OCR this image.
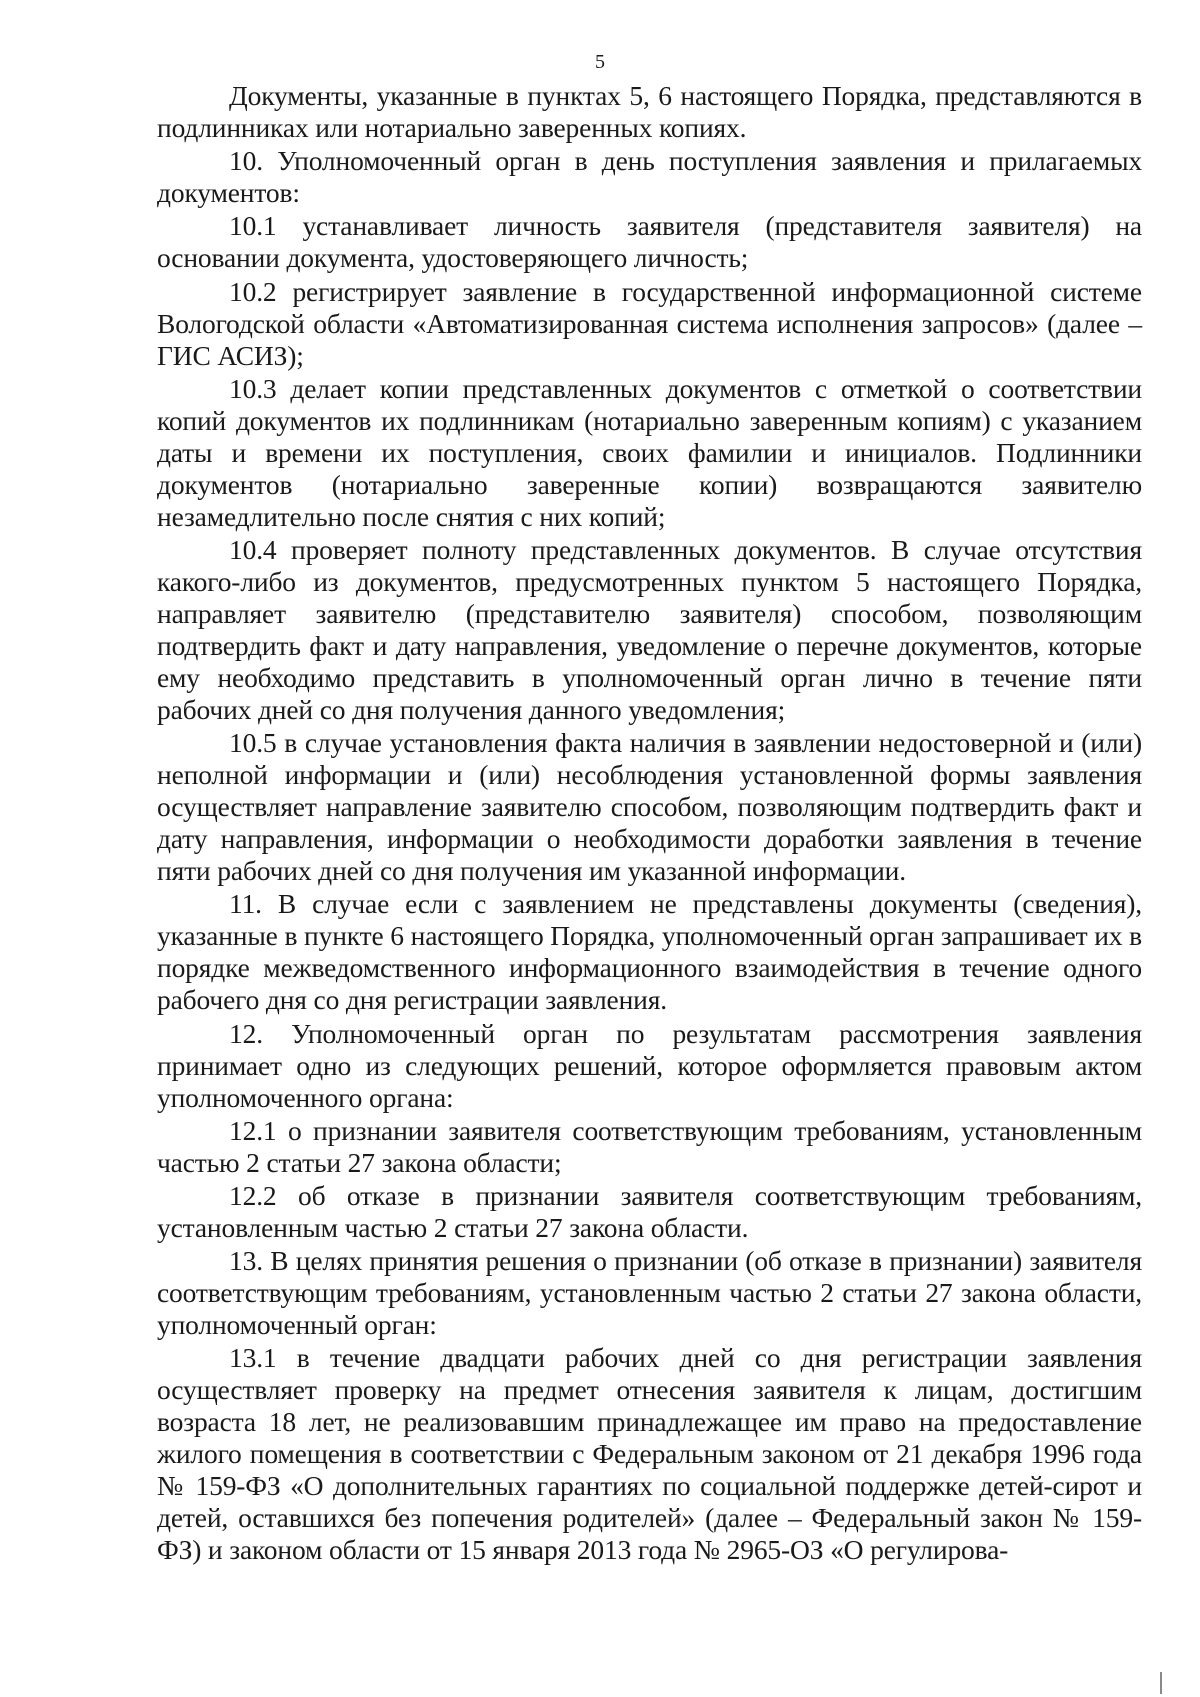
5

Документы, указанные в пунктах 5, 6 настоящего Порядка, представляются в подлинниках или нотариально заверенных копиях.

10. Уполномоченный орган в день поступления заявления и прилагаемых документов:

10.1 устанавливает личность заявителя (представителя заявителя) на основании документа, удостоверяющего личность;

10.2 регистрирует заявление в государственной информационной системе Вологодской области «Автоматизированная система исполнения запросов» (далее – ГИС АСИЗ);

10.3 делает копии представленных документов с отметкой о соответствии копий документов их подлинникам (нотариально заверенным копиям) с указанием даты и времени их поступления, своих фамилии и инициалов. Подлинники документов (нотариально заверенные копии) возвращаются заявителю незамедлительно после снятия с них копий;

10.4 проверяет полноту представленных документов. В случае отсутствия какого-либо из документов, предусмотренных пунктом 5 настоящего Порядка, направляет заявителю (представителю заявителя) способом, позволяющим подтвердить факт и дату направления, уведомление о перечне документов, которые ему необходимо представить в уполномоченный орган лично в течение пяти рабочих дней со дня получения данного уведомления;

10.5 в случае установления факта наличия в заявлении недостоверной и (или) неполной информации и (или) несоблюдения установленной формы заявления осуществляет направление заявителю способом, позволяющим подтвердить факт и дату направления, информации о необходимости доработки заявления в течение пяти рабочих дней со дня получения им указанной информации.

11. В случае если с заявлением не представлены документы (сведения), указанные в пункте 6 настоящего Порядка, уполномоченный орган запрашивает их в порядке межведомственного информационного взаимодействия в течение одного рабочего дня со дня регистрации заявления.

12. Уполномоченный орган по результатам рассмотрения заявления принимает одно из следующих решений, которое оформляется правовым актом уполномоченного органа:

12.1 о признании заявителя соответствующим требованиям, установленным частью 2 статьи 27 закона области;

12.2 об отказе в признании заявителя соответствующим требованиям, установленным частью 2 статьи 27 закона области.

13. В целях принятия решения о признании (об отказе в признании) заявителя соответствующим требованиям, установленным частью 2 статьи 27 закона области, уполномоченный орган:

13.1 в течение двадцати рабочих дней со дня регистрации заявления осуществляет проверку на предмет отнесения заявителя к лицам, достигшим возраста 18 лет, не реализовавшим принадлежащее им право на предоставление жилого помещения в соответствии с Федеральным законом от 21 декабря 1996 года № 159-ФЗ «О дополнительных гарантиях по социальной поддержке детей-сирот и детей, оставшихся без попечения родителей» (далее – Федеральный закон № 159-ФЗ) и законом области от 15 января 2013 года № 2965-ОЗ «О регулирова-
